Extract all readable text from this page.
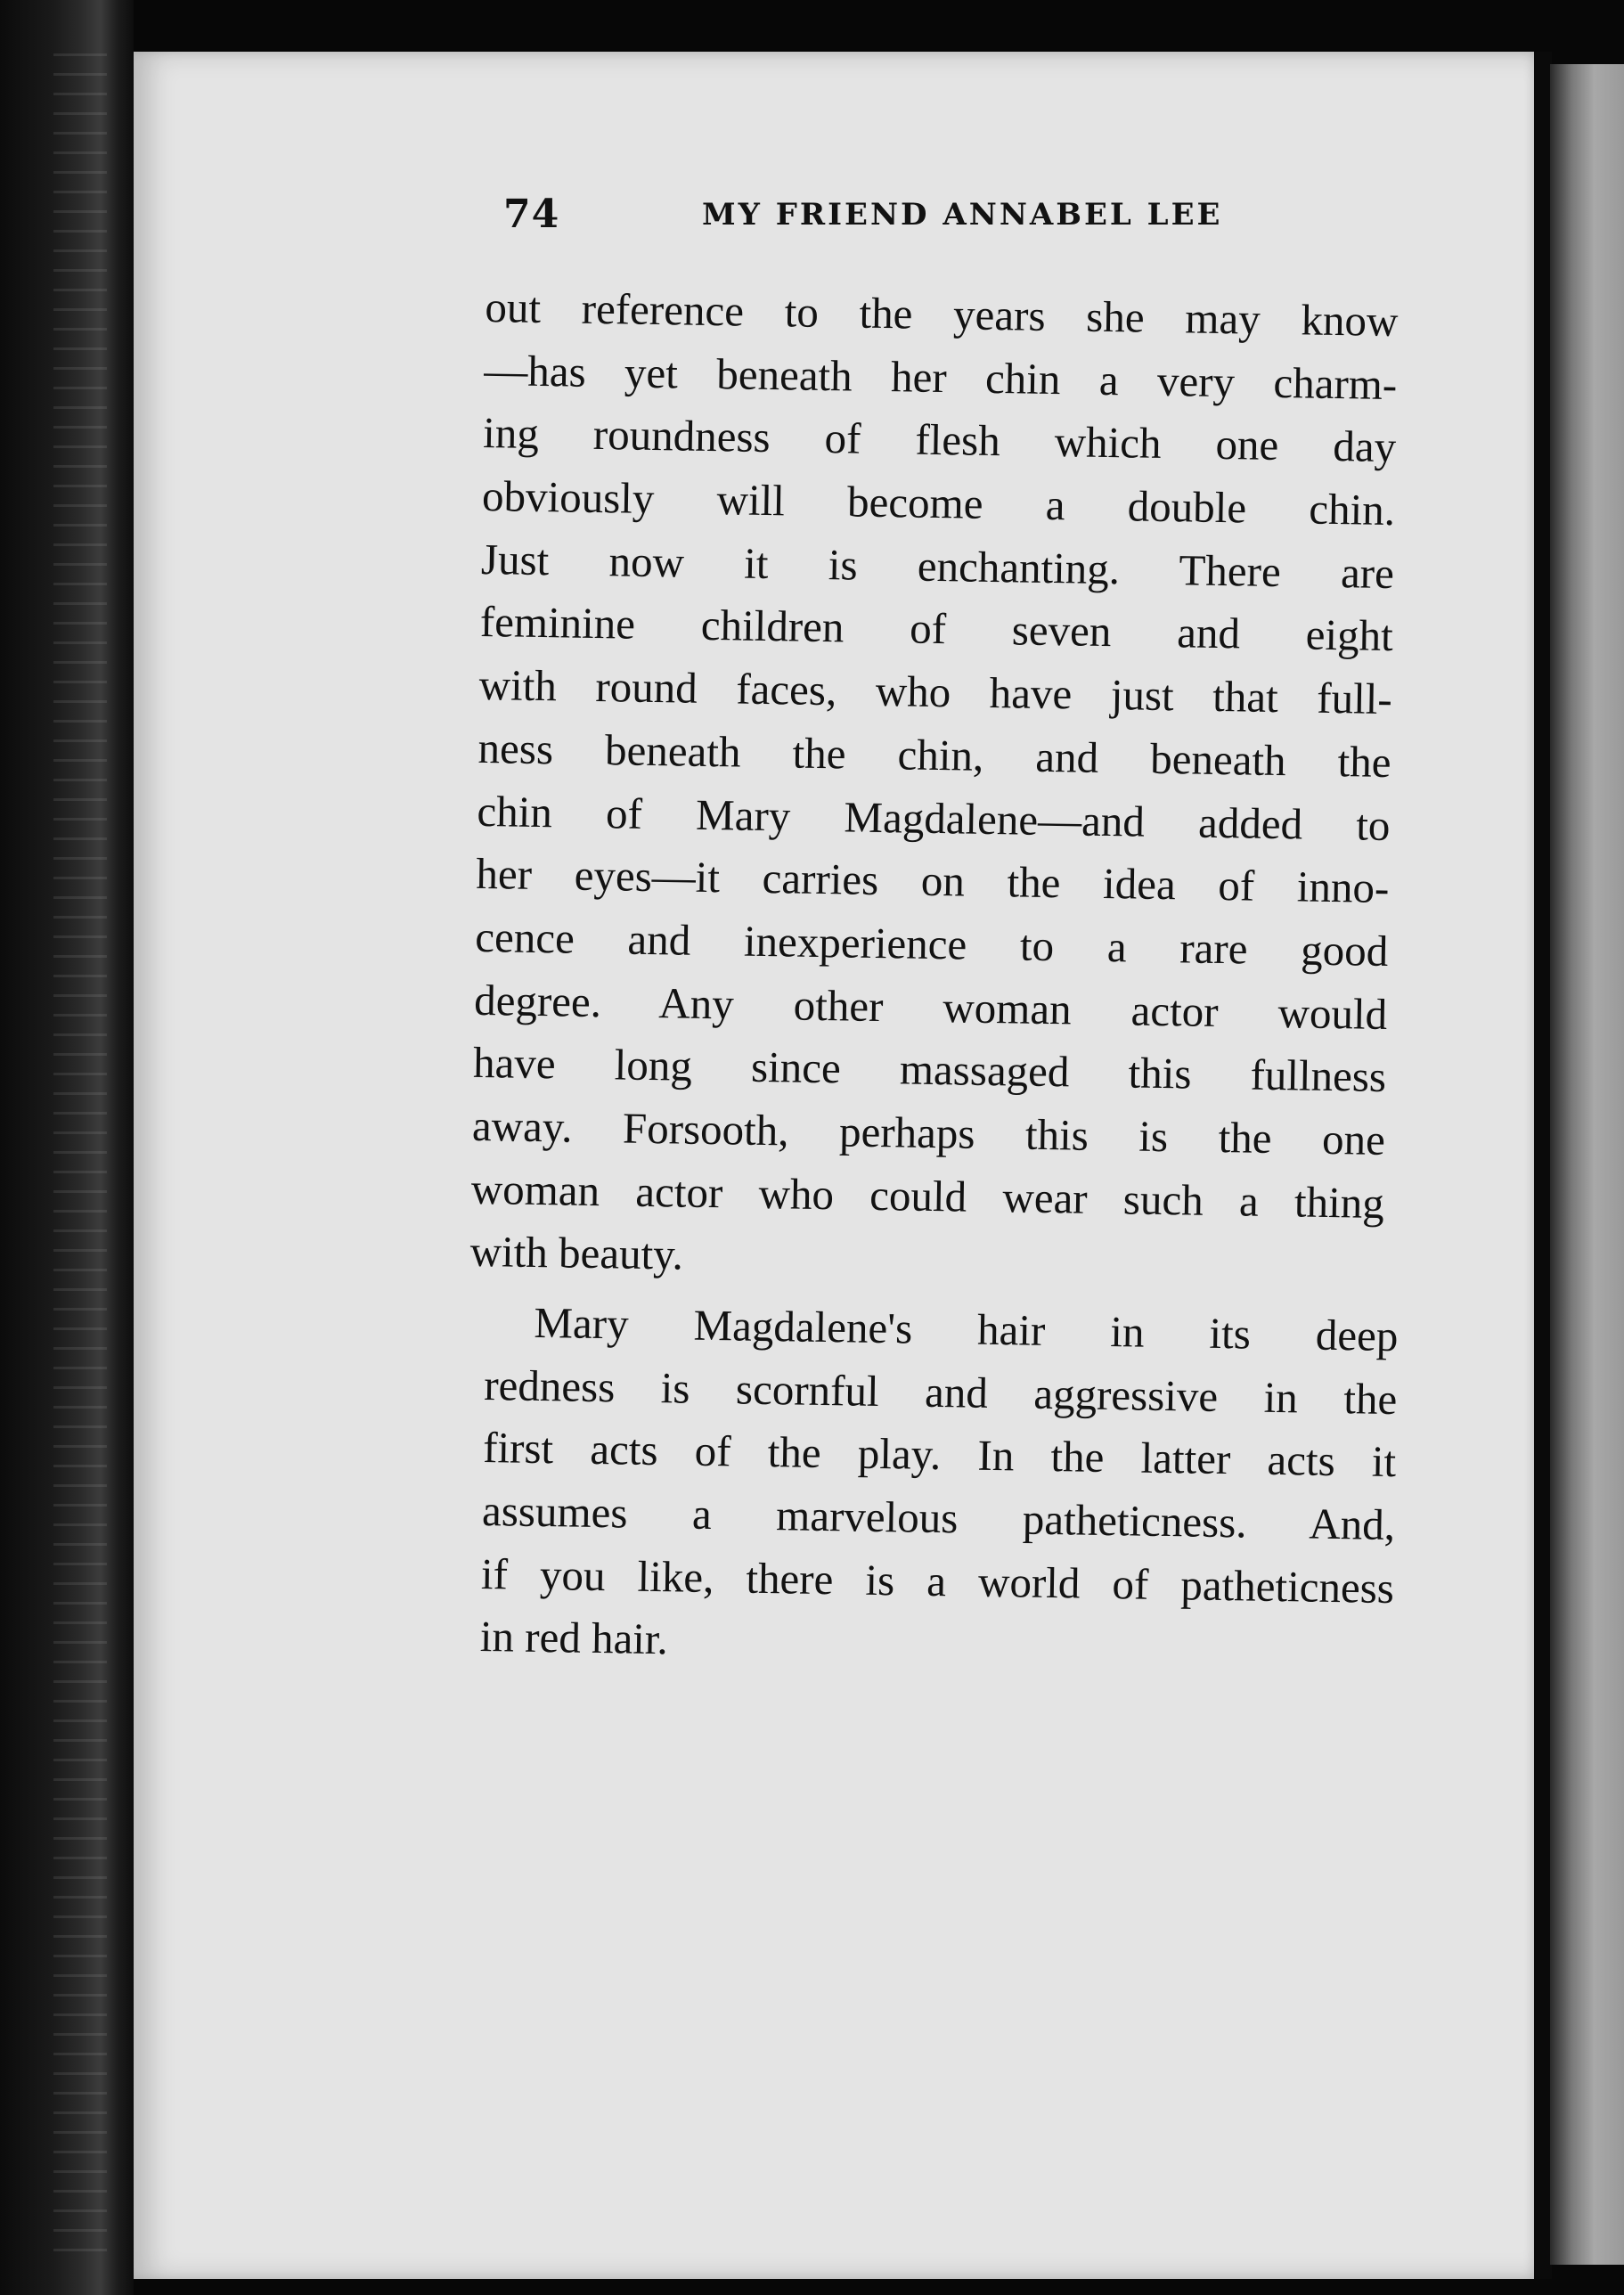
74	MY FRIEND ANNABEL LEE
out reference to the years she may know
—has yet beneath her chin a very charm-
ing roundness of flesh which one day
obviously will become a double chin.
Just now it is enchanting. There are
feminine children of seven and eight
with round faces, who have just that full-
ness beneath the chin, and beneath the
chin of Mary Magdalene—and added to
her eyes—it carries on the idea of inno-
cence and inexperience to a rare good
degree. Any other woman actor would
have long since massaged this fullness
away. Forsooth, perhaps this is the one
woman actor who could wear such a thing
with beauty.
Mary Magdalene's hair in its deep
redness is scornful and aggressive in the
first acts of the play. In the latter acts it
assumes a marvelous patheticness. And,
if you like, there is a world of patheticness
in red hair.
